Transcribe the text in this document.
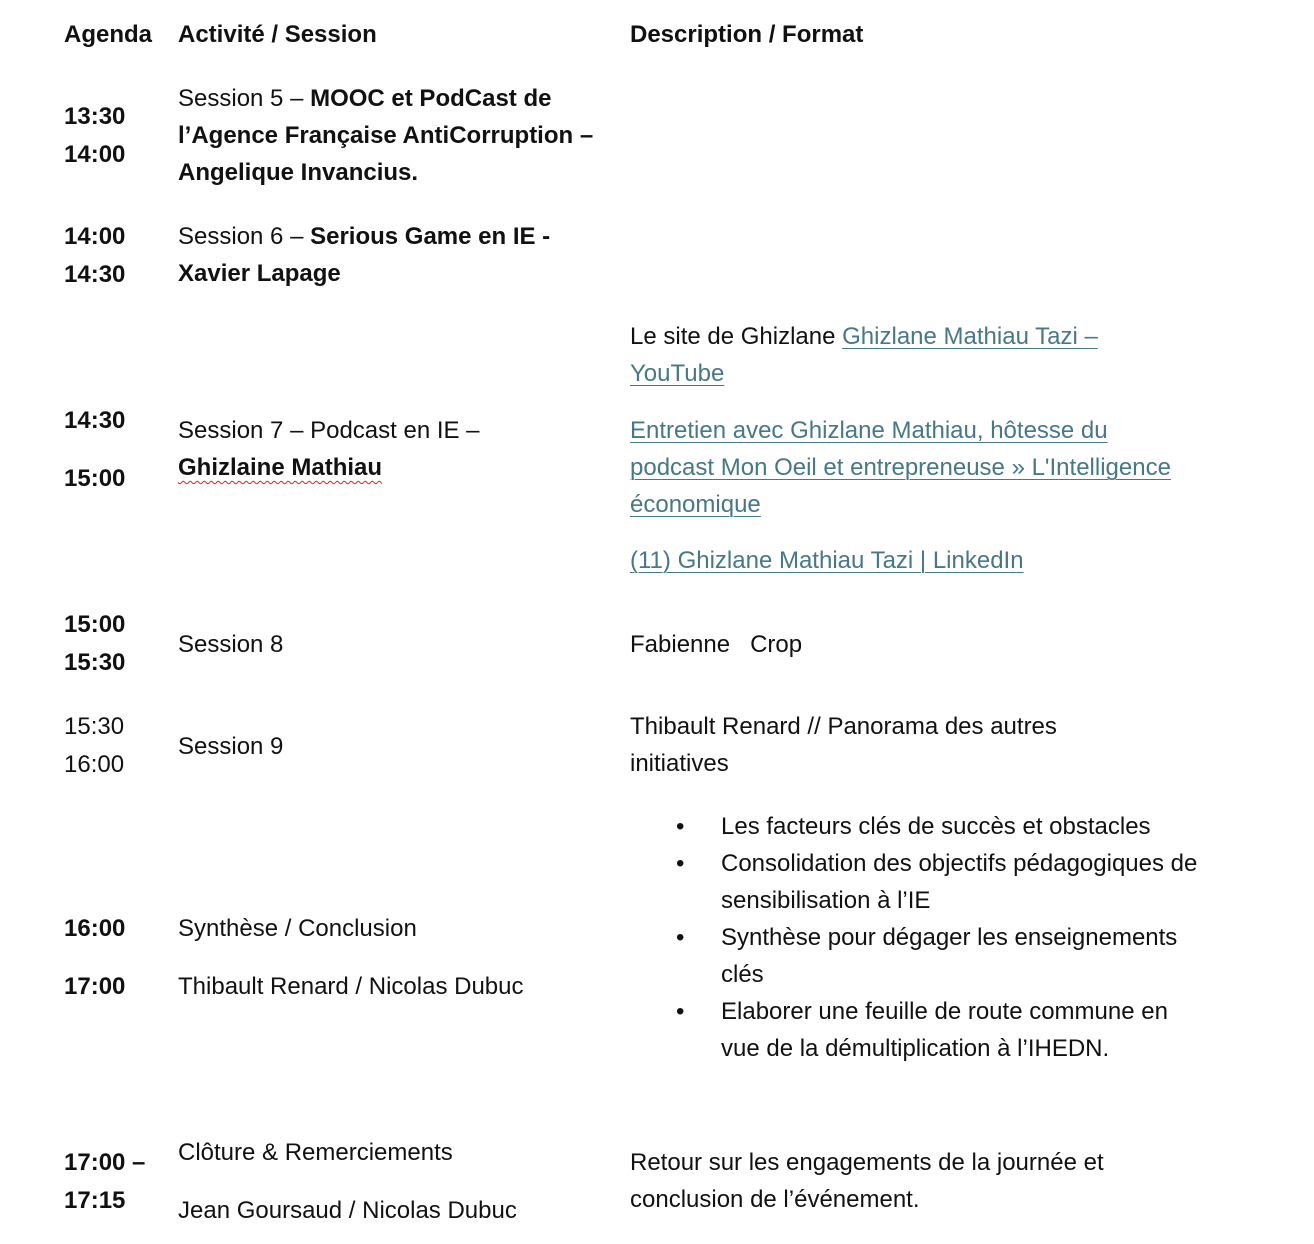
Agenda Activité / Session	Description / Format
13:30
14:00
Session 5 – MOOC et PodCast de l’Agence Française AntiCorruption – Angelique Invancius.
14:00
14:30
Session 6 – Serious Game en IE - Xavier Lapage
14:30
15:00
Session 7 – Podcast en IE – Ghizlaine Mathiau
Le site de Ghizlane Ghizlane Mathiau Tazi – YouTube
Entretien avec Ghizlane Mathiau, hôtesse du podcast Mon Oeil et entrepreneuse » L'Intelligence économique
(11) Ghizlane Mathiau Tazi | LinkedIn
15:00
15:30
Session 8	Fabienne   Crop
15:30
16:00
Session 9
Thibault Renard // Panorama des autres initiatives
16:00
17:00
Synthèse / Conclusion
Thibault Renard / Nicolas Dubuc
• Les facteurs clés de succès et obstacles
• Consolidation des objectifs pédagogiques de sensibilisation à l’IE
• Synthèse pour dégager les enseignements clés
• Elaborer une feuille de route commune en vue de la démultiplication à l’IHEDN.
17:00 –
17:15
Clôture & Remerciements
Jean Goursaud / Nicolas Dubuc
Retour sur les engagements de la journée et conclusion de l’événement.
